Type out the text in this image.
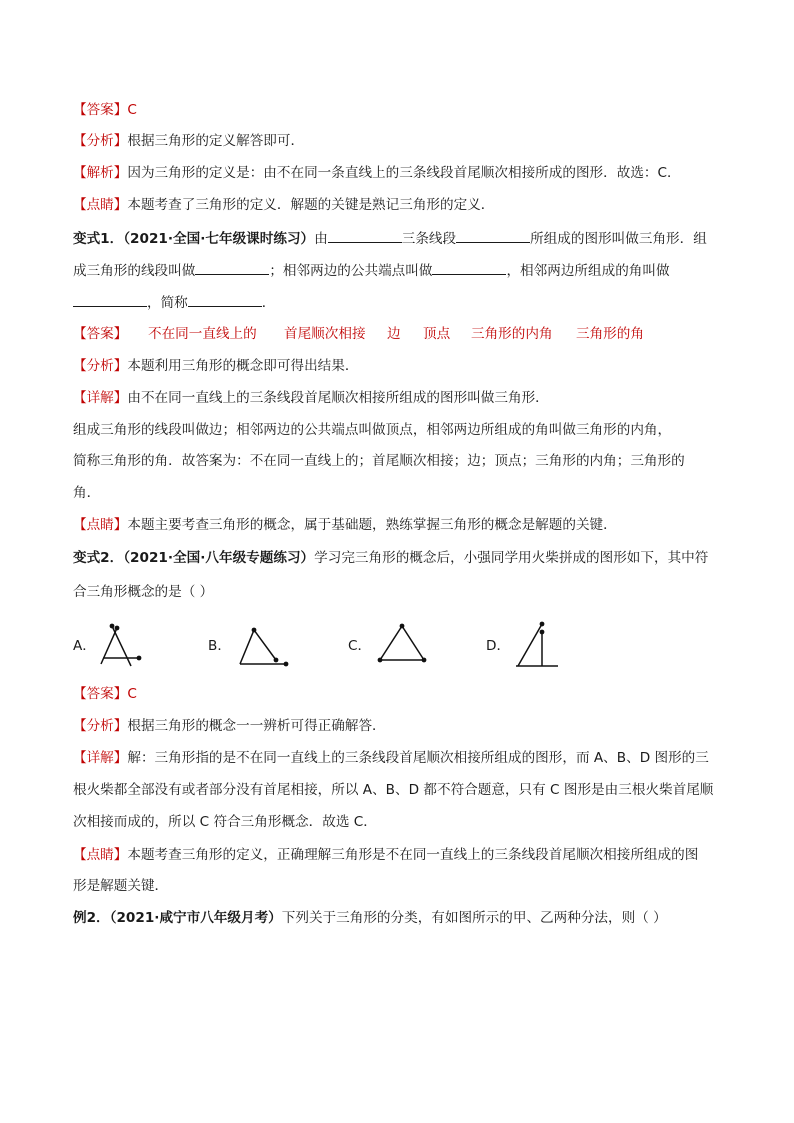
【答案】C
【分析】根据三角形的定义解答即可．
【解析】因为三角形的定义是：由不在同一条直线上的三条线段首尾顺次相接所成的图形．故选：C．
【点睛】本题考查了三角形的定义．解题的关键是熟记三角形的定义．
变式1．（2021·全国·七年级课时练习）由	三条线段	所组成的图形叫做三角形．组
成三角形的线段叫做	；相邻两边的公共端点叫做	，相邻两边所组成的角叫做
，简称	．
【答案】 不在同一直线上的 首尾顺次相接 边 顶点 三角形的内角 三角形的角
【分析】本题利用三角形的概念即可得出结果．
【详解】由不在同一直线上的三条线段首尾顺次相接所组成的图形叫做三角形．
组成三角形的线段叫做边；相邻两边的公共端点叫做顶点，相邻两边所组成的角叫做三角形的内角，
简称三角形的角．故答案为：不在同一直线上的；首尾顺次相接；边；顶点；三角形的内角；三角形的
角．
【点睛】本题主要考查三角形的概念，属于基础题，熟练掌握三角形的概念是解题的关键．
变式2．（2021·全国·八年级专题练习）学习完三角形的概念后，小强同学用火柴拼成的图形如下，其中符
合三角形概念的是（ ）
A．	B．	C．	D．
【答案】C
【分析】根据三角形的概念一一辨析可得正确解答．
【详解】解：三角形指的是不在同一直线上的三条线段首尾顺次相接所组成的图形，而 A、B、D 图形的三
根火柴都全部没有或者部分没有首尾相接，所以 A、B、D 都不符合题意，只有 C 图形是由三根火柴首尾顺
次相接而成的，所以 C 符合三角形概念．故选 C．
【点睛】本题考查三角形的定义，正确理解三角形是不在同一直线上的三条线段首尾顺次相接所组成的图
形是解题关键．
例2．（2021·咸宁市八年级月考）下列关于三角形的分类，有如图所示的甲、乙两种分法，则（ ）
